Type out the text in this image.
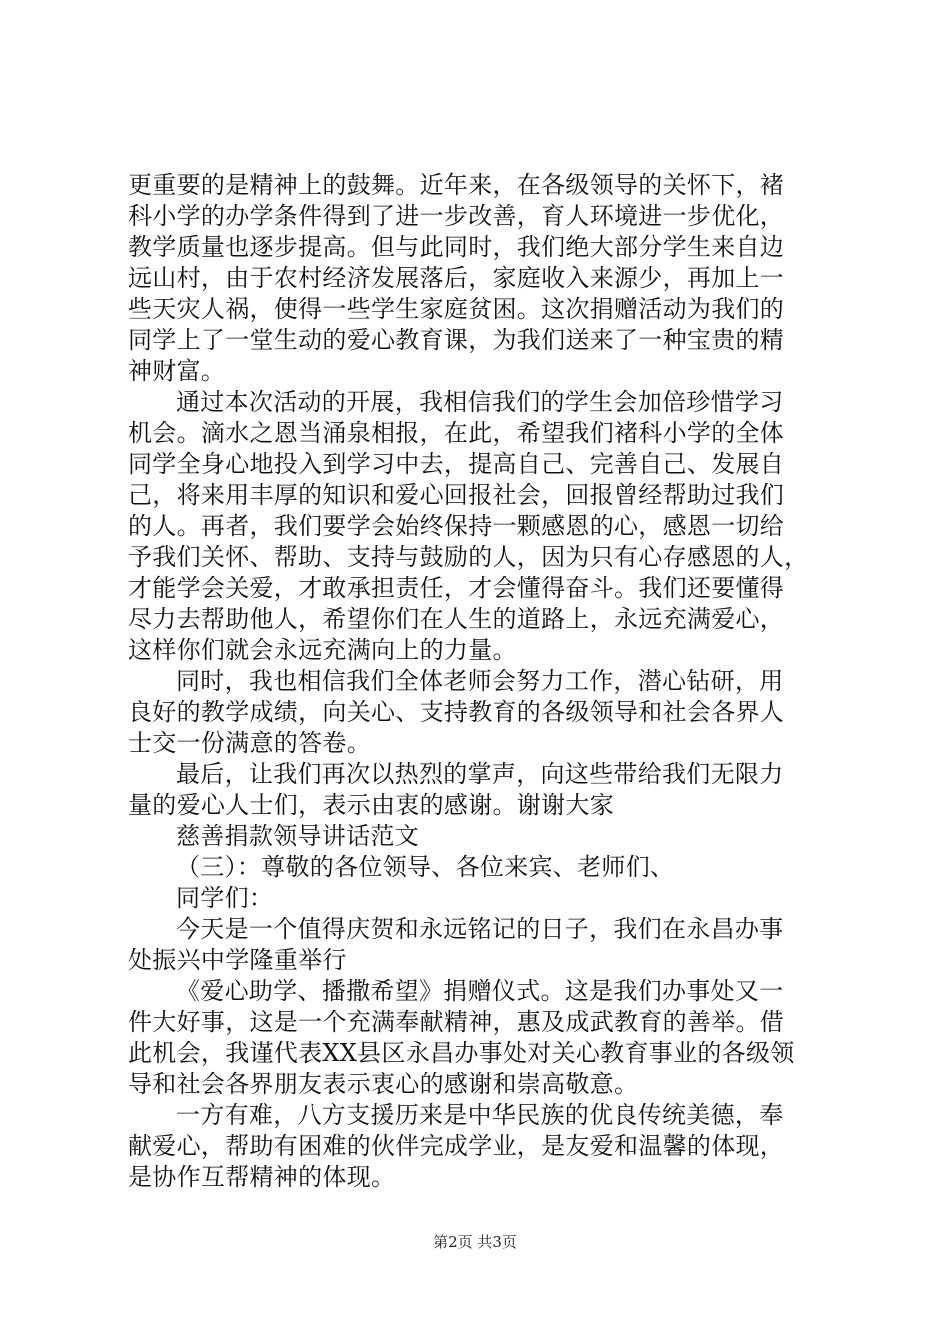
更重要的是精神上的鼓舞。近年来，在各级领导的关怀下，褚
科小学的办学条件得到了进一步改善，育人环境进一步优化，
教学质量也逐步提高。但与此同时，我们绝大部分学生来自边
远山村，由于农村经济发展落后，家庭收入来源少，再加上一
些天灾人祸，使得一些学生家庭贫困。这次捐赠活动为我们的
同学上了一堂生动的爱心教育课，为我们送来了一种宝贵的精
神财富。
通过本次活动的开展，我相信我们的学生会加倍珍惜学习
机会。滴水之恩当涌泉相报，在此，希望我们褚科小学的全体
同学全身心地投入到学习中去，提高自己、完善自己、发展自
己，将来用丰厚的知识和爱心回报社会，回报曾经帮助过我们
的人。再者，我们要学会始终保持一颗感恩的心，感恩一切给
予我们关怀、帮助、支持与鼓励的人，因为只有心存感恩的人，
才能学会关爱，才敢承担责任，才会懂得奋斗。我们还要懂得
尽力去帮助他人，希望你们在人生的道路上，永远充满爱心，
这样你们就会永远充满向上的力量。
同时，我也相信我们全体老师会努力工作，潜心钻研，用
良好的教学成绩，向关心、支持教育的各级领导和社会各界人
士交一份满意的答卷。
最后，让我们再次以热烈的掌声，向这些带给我们无限力
量的爱心人士们，表示由衷的感谢。谢谢大家
慈善捐款领导讲话范文
（三）：尊敬的各位领导、各位来宾、老师们、
同学们：
今天是一个值得庆贺和永远铭记的日子，我们在永昌办事
处振兴中学隆重举行
《爱心助学、播撒希望》捐赠仪式。这是我们办事处又一
件大好事，这是一个充满奉献精神，惠及成武教育的善举。借
此机会，我谨代表XX县区永昌办事处对关心教育事业的各级领
导和社会各界朋友表示衷心的感谢和崇高敬意。
一方有难，八方支援历来是中华民族的优良传统美德，奉
献爱心，帮助有困难的伙伴完成学业，是友爱和温馨的体现，
是协作互帮精神的体现。
第2页 共3页
